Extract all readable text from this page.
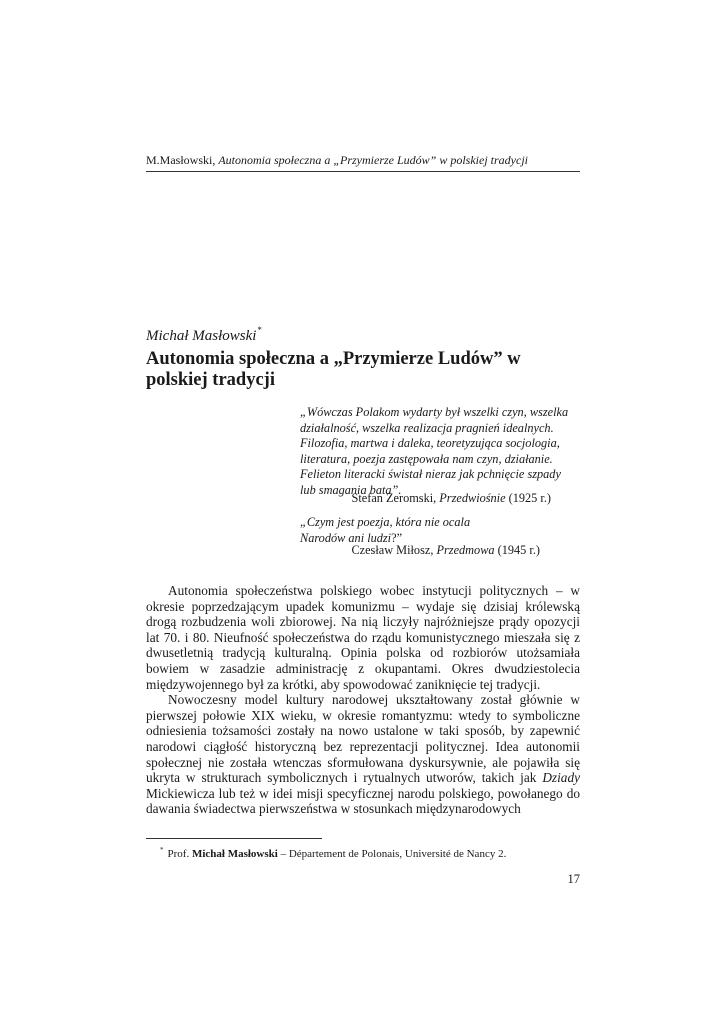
M.Masłowski, Autonomia społeczna a „Przymierze Ludów” w polskiej tradycji
Michał Masłowski*
Autonomia społeczna a „Przymierze Ludów” w polskiej tradycji
„Wówczas Polakom wydarty był wszelki czyn, wszelka
działalność, wszelka realizacja pragnień idealnych.
Filozofia, martwa i daleka, teoretyzująca socjologia,
literatura, poezja zastępowała nam czyn, działanie.
Felieton literacki świstał nieraz jak pchnięcie szpady
lub smagania bata”.
Stefan Żeromski, Przedwiośnie (1925 r.)
„Czym jest poezja, która nie ocala
Narodów ani ludzi?”
Czesław Miłosz, Przedmowa (1945 r.)

Autonomia społeczeństwa polskiego wobec instytucji politycznych – w okresie poprzedzającym upadek komunizmu – wydaje się dzisiaj królewską drogą rozbudzenia woli zbiorowej. Na nią liczyły najróżniejsze prądy opozycji lat 70. i 80. Nieufność społeczeństwa do rządu komunistycznego mieszała się z dwusetletnią tradycją kulturalną. Opinia polska od rozbiorów utożsamiała bowiem w zasadzie administrację z okupantami. Okres dwudziestolecia międzywojennego był za krótki, aby spowodować zaniknięcie tej tradycji.

Nowoczesny model kultury narodowej ukształtowany został głównie w pierwszej połowie XIX wieku, w okresie romantyzmu: wtedy to symboliczne odniesienia tożsamości zostały na nowo ustalone w taki sposób, by zapewnić narodowi ciągłość historyczną bez reprezentacji politycznej. Idea autonomii społecznej nie została wtenczas sformułowana dyskursywnie, ale pojawiła się ukryta w strukturach symbolicznych i rytualnych utworów, takich jak Dziady Mickiewicza lub też w idei misji specyficznej narodu polskiego, powołanego do dawania świadectwa pierwszeństwa w stosunkach międzynarodowych

* Prof. Michał Masłowski – Département de Polonais, Université de Nancy 2.
17
